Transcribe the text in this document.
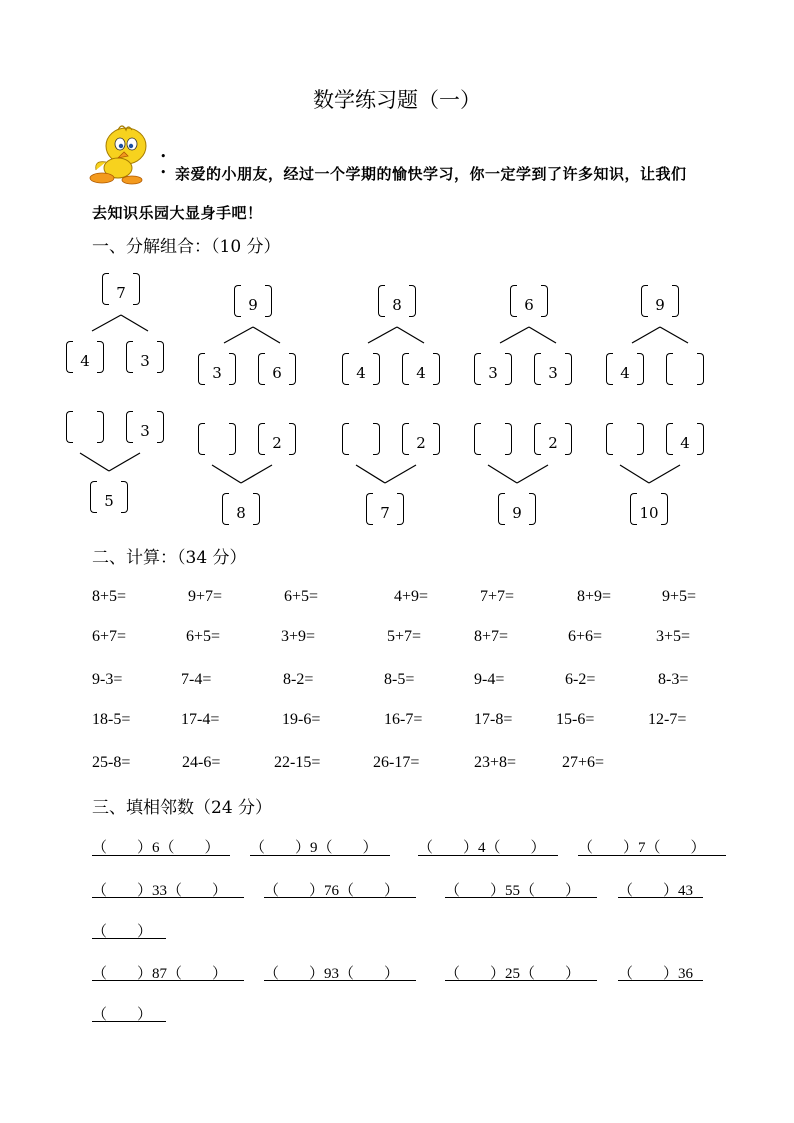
数学练习题（一）
•
• 亲爱的小朋友，经过一个学期的愉快学习，你一定学到了许多知识，让我们
去知识乐园大显身手吧！
一、分解组合：（10 分）
7
4	3
9
3	6
8
4	4
6
3	3
9
4
3
5
2
8
2
7
2
9
4
10
二、计算：（34 分）
8+5=	9+7=	6+5=	4+9=	7+7=	8+9=	9+5=
6+7=	6+5=	3+9=	5+7=	8+7=	6+6=	3+5=
9-3=	7-4=	8-2=	8-5=	9-4=	6-2=	8-3=
18-5=	17-4=	19-6=	16-7=	17-8=	15-6=	12-7=
25-8=	24-6=	22-15=	26-17=	23+8=	27+6=
三、填相邻数（24 分）
（　　）6（　　） （　　）9（　　）	（　　）4（　　） （　　）7（　　）
（　　）33（　　） （　　）76（　　）	（　　）55（　　）	（　　）43
（　　）
（　　）87（　　） （　　）93（　　）	（　　）25（　　）	（　　）36
（　　）
